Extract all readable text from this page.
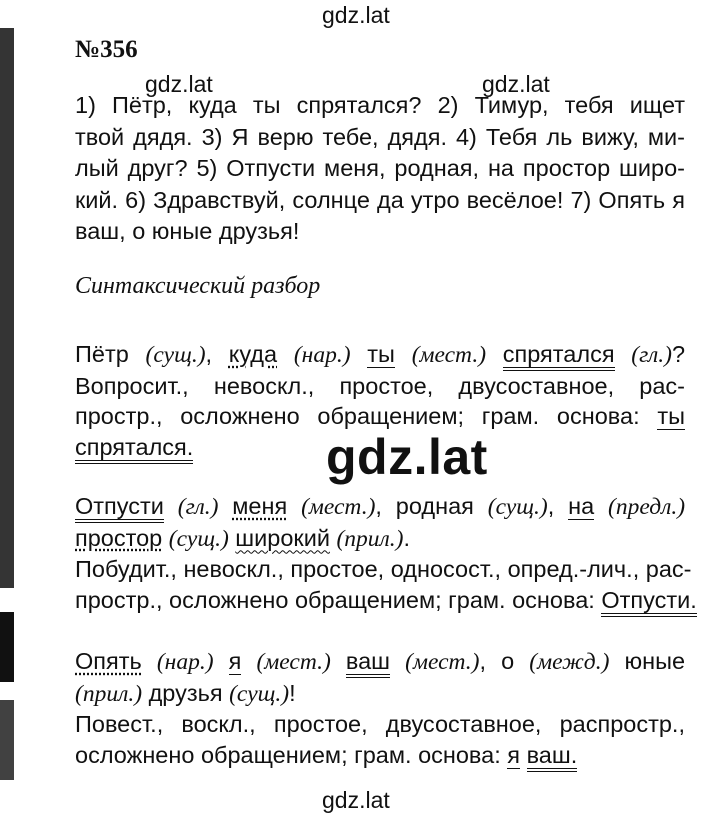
gdz.lat
gdz.lat	gdz.lat
gdz.lat
gdz.lat
№356
1) Пётр, куда ты спрятался? 2) Тимур, тебя ищет
твой дядя. 3) Я верю тебе, дядя. 4) Тебя ль вижу, ми-
лый друг? 5) Отпусти меня, родная, на простор широ-
кий. 6) Здравствуй, солнце да утро весёлое! 7) Опять я
ваш, о юные друзья!
Синтаксический разбор
Пётр (сущ.), куда (нар.) ты (мест.) спрятался (гл.)?
Вопросит., невоскл., простое, двусоставное, рас-
простр., осложнено обращением; грам. основа: ты
спрятался.
Отпусти (гл.) меня (мест.), родная (сущ.), на (предл.)
простор (сущ.) широкий (прил.).
Побудит., невоскл., простое, односост., опред.-лич., рас-
простр., осложнено обращением; грам. основа: Отпусти.
Опять (нар.) я (мест.) ваш (мест.), о (межд.) юные
(прил.) друзья (сущ.)!
Повест., воскл., простое, двусоставное, распростр.,
осложнено обращением; грам. основа: я ваш.
